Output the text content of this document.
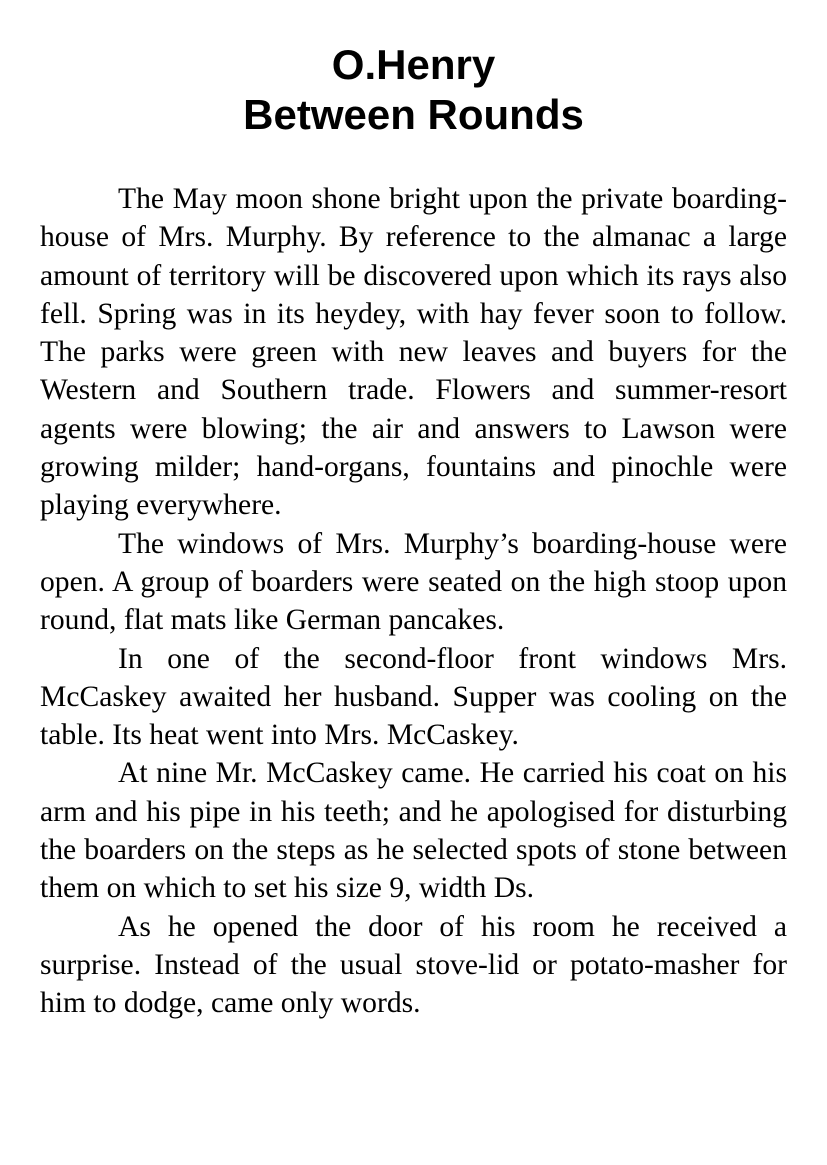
O.Henry
Between Rounds

The May moon shone bright upon the private boarding-house of Mrs. Murphy. By reference to the almanac a large amount of territory will be discovered upon which its rays also fell. Spring was in its heydey, with hay fever soon to follow. The parks were green with new leaves and buyers for the Western and Southern trade. Flowers and summer-resort agents were blowing; the air and answers to Lawson were growing milder; hand-organs, fountains and pinochle were playing everywhere.

The windows of Mrs. Murphy’s boarding-house were open. A group of boarders were seated on the high stoop upon round, flat mats like German pancakes.

In one of the second-floor front windows Mrs. McCaskey awaited her husband. Supper was cooling on the table. Its heat went into Mrs. McCaskey.

At nine Mr. McCaskey came. He carried his coat on his arm and his pipe in his teeth; and he apologised for disturbing the boarders on the steps as he selected spots of stone between them on which to set his size 9, width Ds.

As he opened the door of his room he received a surprise. Instead of the usual stove-lid or potato-masher for him to dodge, came only words.
